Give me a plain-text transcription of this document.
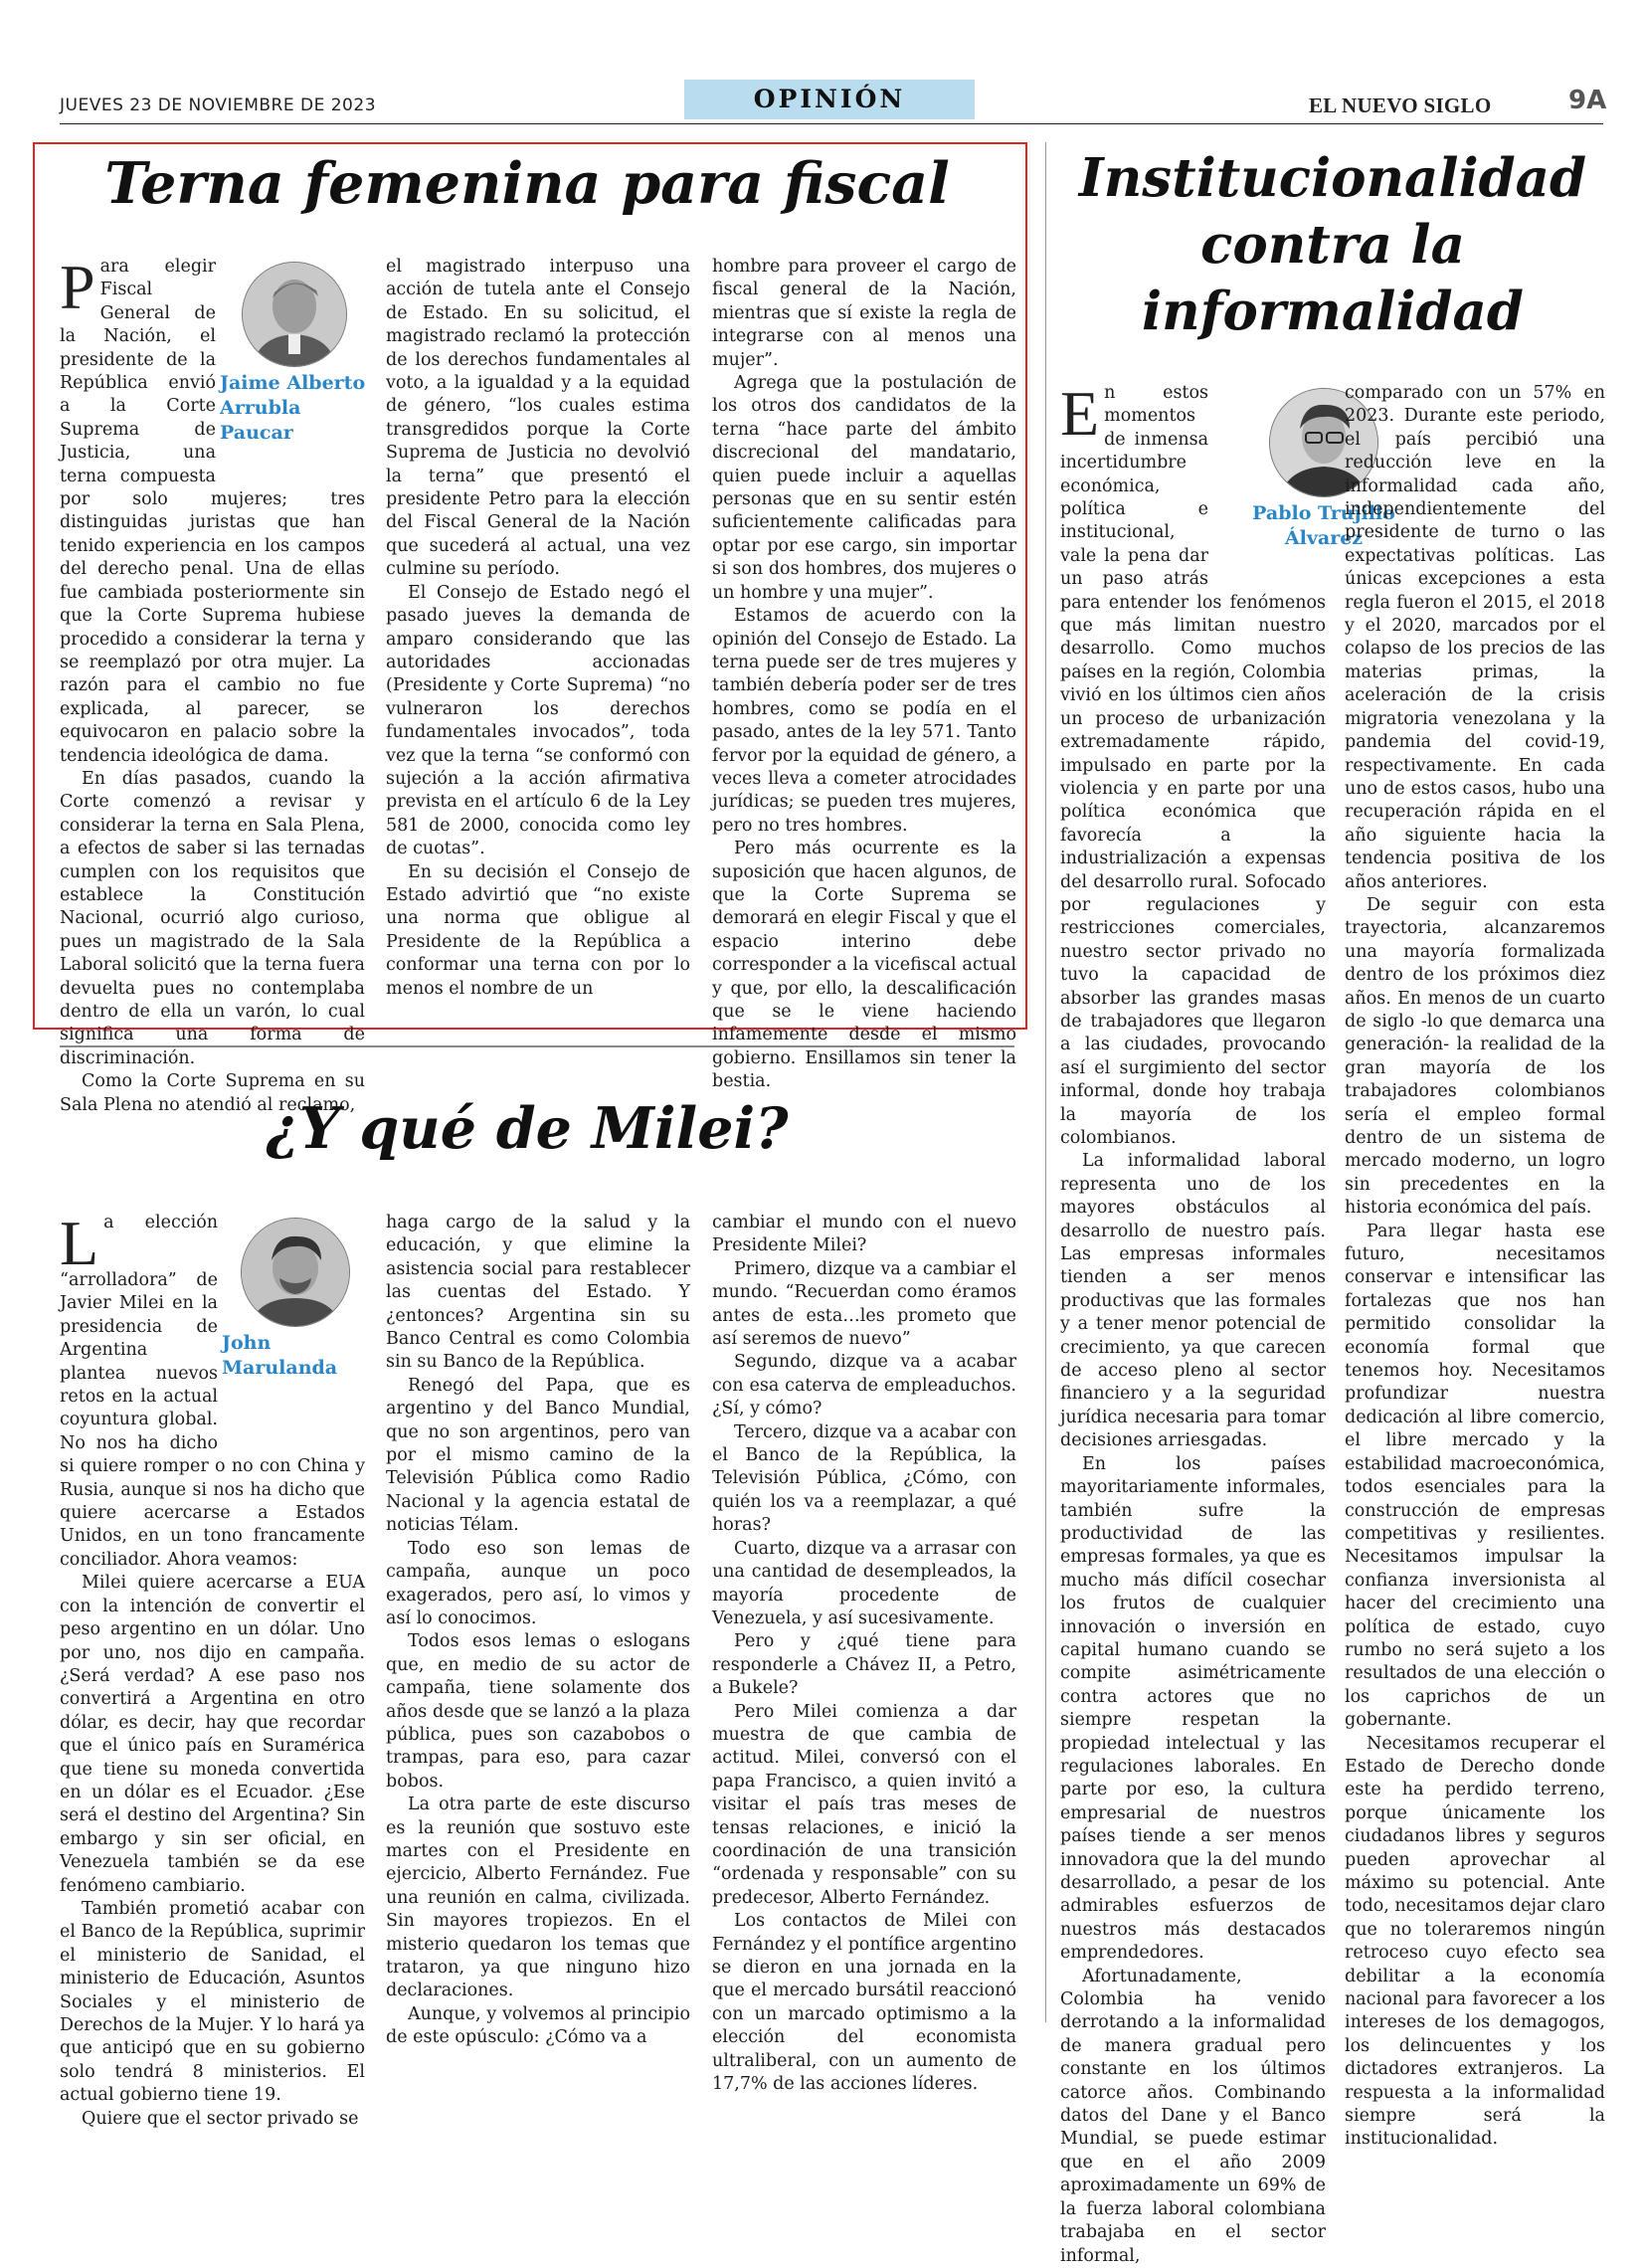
JUEVES 23 DE NOVIEMBRE DE 2023	OPINIÓN	EL NUEVO SIGLO	9A
Terna femenina para fiscal
Jaime Alberto
Arrubla
Paucar

Para elegir Fiscal General de la Nación, el presidente de la República envió a la Corte Suprema de Justicia, una terna compuesta por solo mujeres; tres distinguidas juristas que han tenido experiencia en los campos del derecho penal. Una de ellas fue cambiada posteriormente sin que la Corte Suprema hubiese procedido a considerar la terna y se reemplazó por otra mujer. La razón para el cambio no fue explicada, al parecer, se equivocaron en palacio sobre la tendencia ideológica de dama.

En días pasados, cuando la Corte comenzó a revisar y considerar la terna en Sala Plena, a efectos de saber si las ternadas cumplen con los requisitos que establece la Constitución Nacional, ocurrió algo curioso, pues un magistrado de la Sala Laboral solicitó que la terna fuera devuelta pues no contemplaba dentro de ella un varón, lo cual significa una forma de discriminación.

Como la Corte Suprema en su Sala Plena no atendió al reclamo,

el magistrado interpuso una acción de tutela ante el Consejo de Estado. En su solicitud, el magistrado reclamó la protección de los derechos fundamentales al voto, a la igualdad y a la equidad de género, “los cuales estima transgredidos porque la Corte Suprema de Justicia no devolvió la terna” que presentó el presidente Petro para la elección del Fiscal General de la Nación que sucederá al actual, una vez culmine su período.

El Consejo de Estado negó el pasado jueves la demanda de amparo considerando que las autoridades accionadas (Presidente y Corte Suprema) “no vulneraron los derechos fundamentales invocados”, toda vez que la terna “se conformó con sujeción a la acción afirmativa prevista en el artículo 6 de la Ley 581 de 2000, conocida como ley de cuotas”.

En su decisión el Consejo de Estado advirtió que “no existe una norma que obligue al Presidente de la República a conformar una terna con por lo menos el nombre de un

hombre para proveer el cargo de fiscal general de la Nación, mientras que sí existe la regla de integrarse con al menos una mujer”.

Agrega que la postulación de los otros dos candidatos de la terna “hace parte del ámbito discrecional del mandatario, quien puede incluir a aquellas personas que en su sentir estén suficientemente calificadas para optar por ese cargo, sin importar si son dos hombres, dos mujeres o un hombre y una mujer”.

Estamos de acuerdo con la opinión del Consejo de Estado. La terna puede ser de tres mujeres y también debería poder ser de tres hombres, como se podía en el pasado, antes de la ley 571. Tanto fervor por la equidad de género, a veces lleva a cometer atrocidades jurídicas; se pueden tres mujeres, pero no tres hombres.

Pero más ocurrente es la suposición que hacen algunos, de que la Corte Suprema se demorará en elegir Fiscal y que el espacio interino debe corresponder a la vicefiscal actual y que, por ello, la descalificación que se le viene haciendo infamemente desde el mismo gobierno. Ensillamos sin tener la bestia.

Institucionalidad
contra la
informalidad

En estos momentos de inmensa incertidumbre económica, política e institucional, vale la pena dar un paso atrás para entender los fenómenos que más limitan nuestro desarrollo. Como muchos países en la región, Colombia vivió en los últimos cien años un proceso de urbanización extremadamente rápido, impulsado en parte por la violencia y en parte por una política económica que favorecía a la industrialización a expensas del desarrollo rural. Sofocado por regulaciones y restricciones comerciales, nuestro sector privado no tuvo la capacidad de absorber las grandes masas de trabajadores que llegaron a las ciudades, provocando así el surgimiento del sector informal, donde hoy trabaja la mayoría de los colombianos.

La informalidad laboral representa uno de los mayores obstáculos al desarrollo de nuestro país. Las empresas informales tienden a ser menos productivas que las formales y a tener menor potencial de crecimiento, ya que carecen de acceso pleno al sector financiero y a la seguridad jurídica necesaria para tomar decisiones arriesgadas.

En los países mayoritariamente informales, también sufre la productividad de las empresas formales, ya que es mucho más difícil cosechar los frutos de cualquier innovación o inversión en capital humano cuando se compite asimétricamente contra actores que no siempre respetan la propiedad intelectual y las regulaciones laborales. En parte por eso, la cultura empresarial de nuestros países tiende a ser menos innovadora que la del mundo desarrollado, a pesar de los admirables esfuerzos de nuestros más destacados emprendedores.

Afortunadamente, Colombia ha venido derrotando a la informalidad de manera gradual pero constante en los últimos catorce años. Combinando datos del Dane y el Banco Mundial, se puede estimar que en el año 2009 aproximadamente un 69% de la fuerza laboral colombiana trabajaba en el sector informal,

Pablo Trujillo
Álvarez

comparado con un 57% en 2023. Durante este periodo, el país percibió una reducción leve en la informalidad cada año, independientemente del presidente de turno o las expectativas políticas. Las únicas excepciones a esta regla fueron el 2015, el 2018 y el 2020, marcados por el colapso de los precios de las materias primas, la aceleración de la crisis migratoria venezolana y la pandemia del covid-19, respectivamente. En cada uno de estos casos, hubo una recuperación rápida en el año siguiente hacia la tendencia positiva de los años anteriores.

De seguir con esta trayectoria, alcanzaremos una mayoría formalizada dentro de los próximos diez años. En menos de un cuarto de siglo -lo que demarca una generación- la realidad de la gran mayoría de los trabajadores colombianos sería el empleo formal dentro de un sistema de mercado moderno, un logro sin precedentes en la historia económica del país.

Para llegar hasta ese futuro, necesitamos conservar e intensificar las fortalezas que nos han permitido consolidar la economía formal que tenemos hoy. Necesitamos profundizar nuestra dedicación al libre comercio, el libre mercado y la estabilidad macroeconómica, todos esenciales para la construcción de empresas competitivas y resilientes. Necesitamos impulsar la confianza inversionista al hacer del crecimiento una política de estado, cuyo rumbo no será sujeto a los resultados de una elección o los caprichos de un gobernante.

Necesitamos recuperar el Estado de Derecho donde este ha perdido terreno, porque únicamente los ciudadanos libres y seguros pueden aprovechar al máximo su potencial. Ante todo, necesitamos dejar claro que no toleraremos ningún retroceso cuyo efecto sea debilitar a la economía nacional para favorecer a los intereses de los demagogos, los delincuentes y los dictadores extranjeros. La respuesta a la informalidad siempre será la institucionalidad.

¿Y qué de Milei?
John
Marulanda

La elección “arrolladora” de Javier Milei en la presidencia de Argentina plantea nuevos retos en la actual coyuntura global. No nos ha dicho si quiere romper o no con China y Rusia, aunque si nos ha dicho que quiere acercarse a Estados Unidos, en un tono francamente conciliador. Ahora veamos:

Milei quiere acercarse a EUA con la intención de convertir el peso argentino en un dólar. Uno por uno, nos dijo en campaña. ¿Será verdad? A ese paso nos convertirá a Argentina en otro dólar, es decir, hay que recordar que el único país en Suramérica que tiene su moneda convertida en un dólar es el Ecuador. ¿Ese será el destino del Argentina? Sin embargo y sin ser oficial, en Venezuela también se da ese fenómeno cambiario.

También prometió acabar con el Banco de la República, suprimir el ministerio de Sanidad, el ministerio de Educación, Asuntos Sociales y el ministerio de Derechos de la Mujer. Y lo hará ya que anticipó que en su gobierno solo tendrá 8 ministerios. El actual gobierno tiene 19.

Quiere que el sector privado se

haga cargo de la salud y la educación, y que elimine la asistencia social para restablecer las cuentas del Estado. Y ¿entonces? Argentina sin su Banco Central es como Colombia sin su Banco de la República.

Renegó del Papa, que es argentino y del Banco Mundial, que no son argentinos, pero van por el mismo camino de la Televisión Pública como Radio Nacional y la agencia estatal de noticias Télam.

Todo eso son lemas de campaña, aunque un poco exagerados, pero así, lo vimos y así lo conocimos.

Todos esos lemas o eslogans que, en medio de su actor de campaña, tiene solamente dos años desde que se lanzó a la plaza pública, pues son cazabobos o trampas, para eso, para cazar bobos.

La otra parte de este discurso es la reunión que sostuvo este martes con el Presidente en ejercicio, Alberto Fernández. Fue una reunión en calma, civilizada. Sin mayores tropiezos. En el misterio quedaron los temas que trataron, ya que ninguno hizo declaraciones.

Aunque, y volvemos al principio de este opúsculo: ¿Cómo va a

cambiar el mundo con el nuevo Presidente Milei?

Primero, dizque va a cambiar el mundo. “Recuerdan como éramos antes de esta…les prometo que así seremos de nuevo”

Segundo, dizque va a acabar con esa caterva de empleaduchos. ¿Sí, y cómo?

Tercero, dizque va a acabar con el Banco de la República, la Televisión Pública, ¿Cómo, con quién los va a reemplazar, a qué horas?

Cuarto, dizque va a arrasar con una cantidad de desempleados, la mayoría procedente de Venezuela, y así sucesivamente.

Pero y ¿qué tiene para responderle a Chávez II, a Petro, a Bukele?

Pero Milei comienza a dar muestra de que cambia de actitud. Milei, conversó con el papa Francisco, a quien invitó a visitar el país tras meses de tensas relaciones, e inició la coordinación de una transición “ordenada y responsable” con su predecesor, Alberto Fernández.

Los contactos de Milei con Fernández y el pontífice argentino se dieron en una jornada en la que el mercado bursátil reaccionó con un marcado optimismo a la elección del economista ultraliberal, con un aumento de 17,7% de las acciones líderes.
